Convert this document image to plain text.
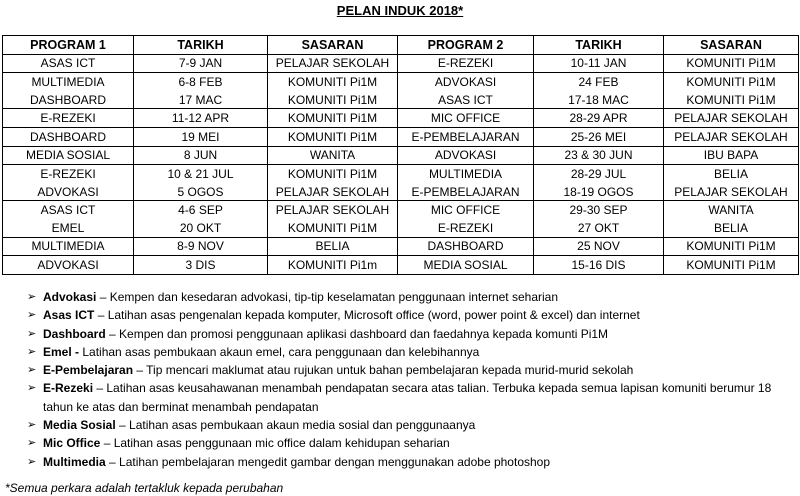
PELAN INDUK 2018*
PROGRAM 1	TARIKH	SASARAN	PROGRAM 2	TARIKH	SASARAN
ASAS ICT	7-9 JAN	PELAJAR SEKOLAH	E-REZEKI	10-11 JAN	KOMUNITI Pi1M
MULTIMEDIA	6-8 FEB	KOMUNITI Pi1M	ADVOKASI	24 FEB	KOMUNITI Pi1M
DASHBOARD	17 MAC	KOMUNITI Pi1M	ASAS ICT	17-18 MAC	KOMUNITI Pi1M
E-REZEKI	11-12 APR	KOMUNITI Pi1M	MIC OFFICE	28-29 APR	PELAJAR SEKOLAH
DASHBOARD	19 MEI	KOMUNITI Pi1M	E-PEMBELAJARAN	25-26 MEI	PELAJAR SEKOLAH
MEDIA SOSIAL	8 JUN	WANITA	ADVOKASI	23 & 30 JUN	IBU BAPA
E-REZEKI	10 & 21 JUL	KOMUNITI Pi1M	MULTIMEDIA	28-29 JUL	BELIA
ADVOKASI	5 OGOS	PELAJAR SEKOLAH	E-PEMBELAJARAN	18-19 OGOS	PELAJAR SEKOLAH
ASAS ICT	4-6 SEP	PELAJAR SEKOLAH	MIC OFFICE	29-30 SEP	WANITA
EMEL	20 OKT	KOMUNITI Pi1M	E-REZEKI	27 OKT	BELIA
MULTIMEDIA	8-9 NOV	BELIA	DASHBOARD	25 NOV	KOMUNITI Pi1M
ADVOKASI	3 DIS	KOMUNITI Pi1m	MEDIA SOSIAL	15-16 DIS	KOMUNITI Pi1M
➢ Advokasi – Kempen dan kesedaran advokasi, tip-tip keselamatan penggunaan internet seharian
➢ Asas ICT – Latihan asas pengenalan kepada komputer, Microsoft office (word, power point & excel) dan internet
➢ Dashboard – Kempen dan promosi penggunaan aplikasi dashboard dan faedahnya kepada komunti Pi1M
➢ Emel - Latihan asas pembukaan akaun emel, cara penggunaan dan kelebihannya
➢ E-Pembelajaran – Tip mencari maklumat atau rujukan untuk bahan pembelajaran kepada murid-murid sekolah
➢ E-Rezeki – Latihan asas keusahawanan menambah pendapatan secara atas talian. Terbuka kepada semua lapisan komuniti berumur 18 tahun ke atas dan berminat menambah pendapatan
➢ Media Sosial – Latihan asas pembukaan akaun media sosial dan penggunaanya
➢ Mic Office – Latihan asas penggunaan mic office dalam kehidupan seharian
➢ Multimedia – Latihan pembelajaran mengedit gambar dengan menggunakan adobe photoshop
*Semua perkara adalah tertakluk kepada perubahan
